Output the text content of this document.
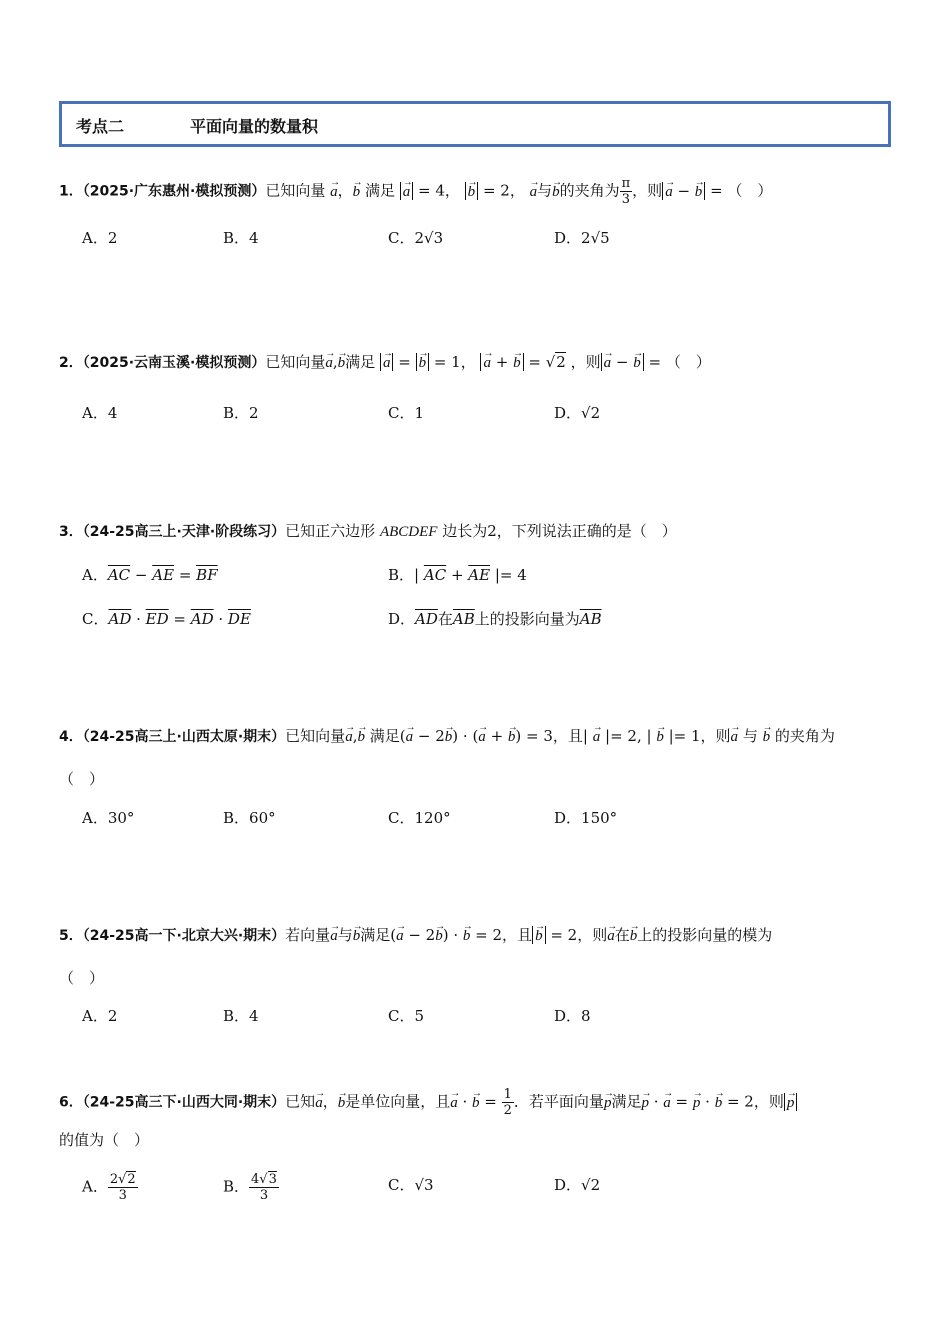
考点二	平面向量的数量积
1．（2025·广东惠州·模拟预测）已知向量 a →，b → 满足 a → = 4， b → = 2， a →与b →的夹角为 $\frac{\pi}{3}$ ，则 a → − b → = （　）
A．2	B．4	C．2√3	D．2√5
2．（2025·云南玉溪·模拟预测）已知向量a →,b →满足 a → = b → = 1， a → + b → = √2 ，则 a → − b → = （　）
A．4	B．2	C．1	D．√2
3．（24-25高三上·天津·阶段练习）已知正六边形 ABCDEF 边长为2，下列说法正确的是（　）
A．$\overline{AC} - \overline{AE} = \overline{BF}$	B．| $\overline{AC} + \overline{AE}$ |= 4
C．$\overline{AD} \cdot \overline{ED} = \overline{AD} \cdot \overline{DE}$	D．$\overline{AD}$在$\overline{AB}$上的投影向量为$\overline{AB}$
4．（24-25高三上·山西太原·期末）已知向量a →,b → 满足(a → − 2b →) · (a → + b →) = 3，且| a → |= 2, | b → |= 1，则a → 与 b → 的夹角为
（　）
A．30°	B．60°	C．120°	D．150°
5．（24-25高一下·北京大兴·期末）若向量a →与b →满足(a → − 2b →) · b → = 2，且 b → = 2，则a →在b →上的投影向量的模为
（　）
A．2	B．4	C．5	D．8
6．（24-25高三下·山西大同·期末）已知a →，b →是单位向量，且a → · b → = $\frac{1}{2}$ ．若平面向量p →满足p → · a → = p → · b → = 2，则 p →
的值为（　）
A． $\frac{2√2}{3}$	B． $\frac{4√3}{3}$	C．√3	D．√2
